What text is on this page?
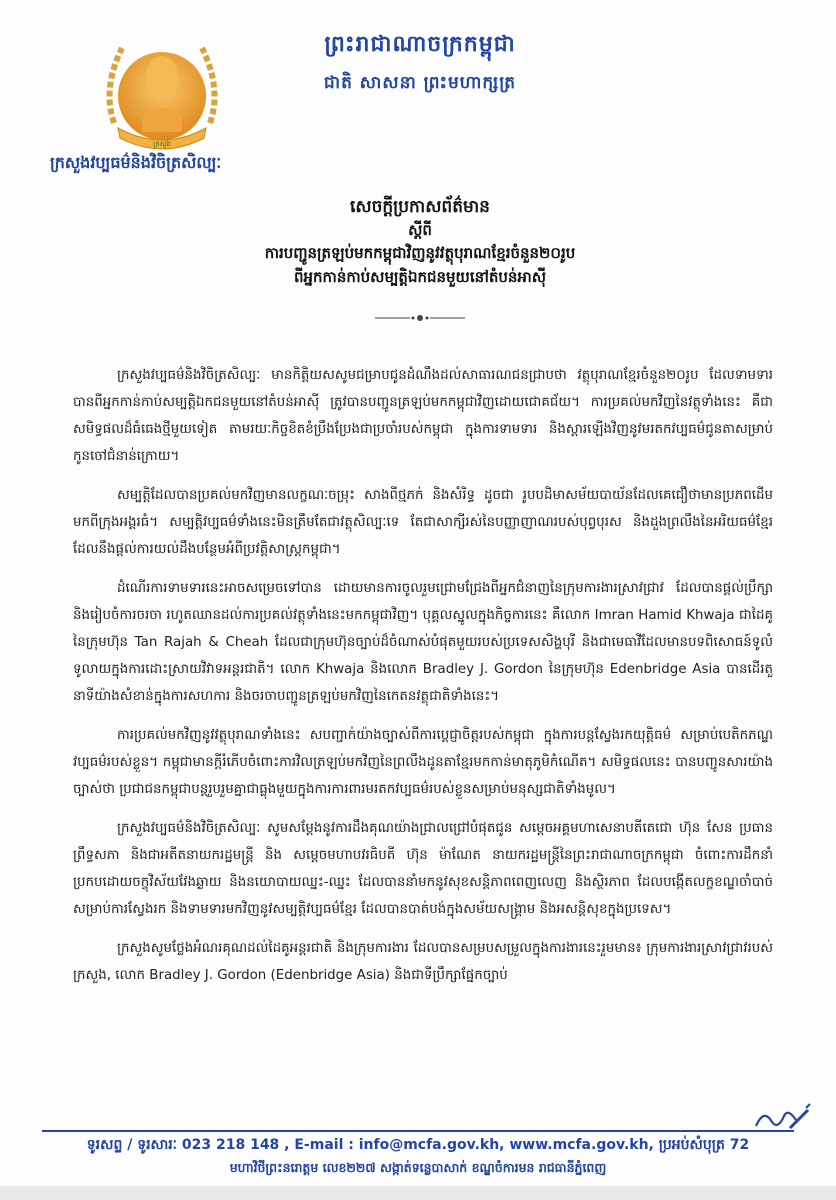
ក្រសួង
ព្រះរាជាណាចក្រកម្ពុជា
ជាតិ សាសនា ព្រះមហាក្សត្រ
ក្រសួងវប្បធម៌និងវិចិត្រសិល្បៈ
សេចក្តីប្រកាសព័ត៌មាន
ស្តីពី
ការបញ្ជូនត្រឡប់មកកម្ពុជាវិញនូវវត្ថុបុរាណខ្មែរចំនួន២០រូប
ពីអ្នកកាន់កាប់សម្បត្តិឯកជនមួយនៅតំបន់អាស៊ី

ក្រសួងវប្បធម៌និងវិចិត្រសិល្បៈ មានកិត្តិយសសូមជម្រាបជូនដំណឹងដល់សាធារណជនជ្រាបថា វត្ថុបុរាណខ្មែរចំនួន២០រូប ដែលទាមទារបានពីអ្នកកាន់កាប់សម្បត្តិឯកជនមួយនៅតំបន់អាស៊ី ត្រូវបានបញ្ជូនត្រឡប់មកកម្ពុជាវិញដោយជោគជ័យ។ ការប្រគល់មកវិញនៃវត្ថុទាំងនេះ គឺជាសមិទ្ធផលដ៏ធំធេងថ្មីមួយទៀត តាមរយៈកិច្ចខិតខំប្រឹងប្រែងជាប្រចាំរបស់កម្ពុជា ក្នុងការទាមទារ និងស្តារឡើងវិញនូវមរតកវប្បធម៌ជូនតាសម្រាប់កូនចៅជំនាន់ក្រោយ។

សម្បត្តិដែលបានប្រគល់មកវិញមានលក្ខណៈចម្រុះ សាងពីថ្មភក់ និងសំរិទ្ធ ដូចជា រូបបដិមាសម័យបាយ័នដែលគេជឿថាមានប្រភពដើមមកពីក្រុងអង្គរធំ។ សម្បត្តិវប្បធម៌ទាំងនេះមិនត្រឹមតែជាវត្ថុសិល្បៈទេ តែជាសាក្សីរស់នៃបញ្ញាញាណរបស់បុព្វបុរស និងដួងព្រលឹងនៃអរិយធម៌ខ្មែរ ដែលនឹងផ្តល់ការយល់ដឹងបន្ថែមអំពីប្រវត្តិសាស្ត្រកម្ពុជា។

ដំណើរការទាមទារនេះអាចសម្រេចទៅបាន ដោយមានការចូលរួមជ្រោមជ្រែងពីអ្នកជំនាញនៃក្រុមការងារស្រាវជ្រាវ ដែលបានផ្តល់ប្រឹក្សា និងរៀបចំការចរចា រហូតឈានដល់ការប្រគល់វត្ថុទាំងនេះមកកម្ពុជាវិញ។ បុគ្គលស្នូលក្នុងកិច្ចការនេះ គឺលោក Imran Hamid Khwaja ជាដៃគូនៃក្រុមហ៊ុន Tan Rajah & Cheah ដែលជាក្រុមហ៊ុនច្បាប់ដ៏ចំណាស់បំផុតមួយរបស់ប្រទេសសិង្ហបុរី និងជាមេធាវីដែលមានបទពិសោធន៍ទូលំទូលាយក្នុងការដោះស្រាយវិវាទអន្តរជាតិ។ លោក Khwaja និងលោក Bradley J. Gordon នៃក្រុមហ៊ុន Edenbridge Asia បានដើរតួនាទីយ៉ាងសំខាន់ក្នុងការសហការ និងចរចាបញ្ជូនត្រឡប់មកវិញនៃកេតនវត្ថុជាតិទាំងនេះ។

ការប្រគល់មកវិញនូវវត្ថុបុរាណទាំងនេះ សបញ្ជាក់យ៉ាងច្បាស់ពីការប្តេជ្ញាចិត្តរបស់កម្ពុជា ក្នុងការបន្តស្វែងរកយុត្តិធម៌ សម្រាប់បេតិកភណ្ឌវប្បធម៌របស់ខ្លួន។ កម្ពុជាមានក្តីរំភើបចំពោះការវិលត្រឡប់មកវិញនៃព្រលឹងដូនតាខ្មែរមកកាន់មាតុភូមិកំណើត។ សមិទ្ធផលនេះ បានបញ្ជូនសារយ៉ាងច្បាស់ថា ប្រជាជនកម្ពុជាបន្តរួបរួមគ្នាជាធ្លុងមួយក្នុងការការពារមរតកវប្បធម៌របស់ខ្លួនសម្រាប់មនុស្សជាតិទាំងមូល។

ក្រសួងវប្បធម៌និងវិចិត្រសិល្បៈ សូមសម្តែងនូវការដឹងគុណយ៉ាងជ្រាលជ្រៅបំផុតជូន សម្តេចអគ្គមហាសេនាបតីតេជោ ហ៊ុន សែន ប្រធានព្រឹទ្ធសភា និងជាអតីតនាយករដ្ឋមន្ត្រី និង សម្តេចមហាបវរធិបតី ហ៊ុន ម៉ាណែត នាយករដ្ឋមន្ត្រីនៃព្រះរាជាណាចក្រកម្ពុជា ចំពោះការដឹកនាំប្រកបដោយចក្ខុវិស័យវែងឆ្ងាយ និងនយោបាយឈ្នះ-ឈ្នះ ដែលបាននាំមកនូវសុខសន្តិភាពពេញលេញ និងស្ថិរភាព ដែលបង្កើតលក្ខខណ្ឌចាំបាច់សម្រាប់ការស្វែងរក និងទាមទារមកវិញនូវសម្បត្តិវប្បធម៌ខ្មែរ ដែលបានបាត់បង់ក្នុងសម័យសង្គ្រាម និងអសន្តិសុខក្នុងប្រទេស។

ក្រសួងសូមថ្លែងអំណរគុណដល់ដៃគូអន្តរជាតិ និងក្រុមការងារ ដែលបានសម្របសម្រួលក្នុងការងារនេះរួមមាន៖ ក្រុមការងារស្រាវជ្រាវរបស់ក្រសួង, លោក Bradley J. Gordon (Edenbridge Asia) និងជាទីប្រឹក្សាផ្នែកច្បាប់

ទូរសព្ទ / ទូរសារៈ 023 218 148 , E-mail : info@mcfa.gov.kh, www.mcfa.gov.kh, ប្រអប់សំបុត្រ 72
មហាវិថីព្រះនរោត្តម លេខ២២៧ សង្កាត់ទន្លេបាសាក់ ខណ្ឌចំការមន រាជធានីភ្នំពេញ
